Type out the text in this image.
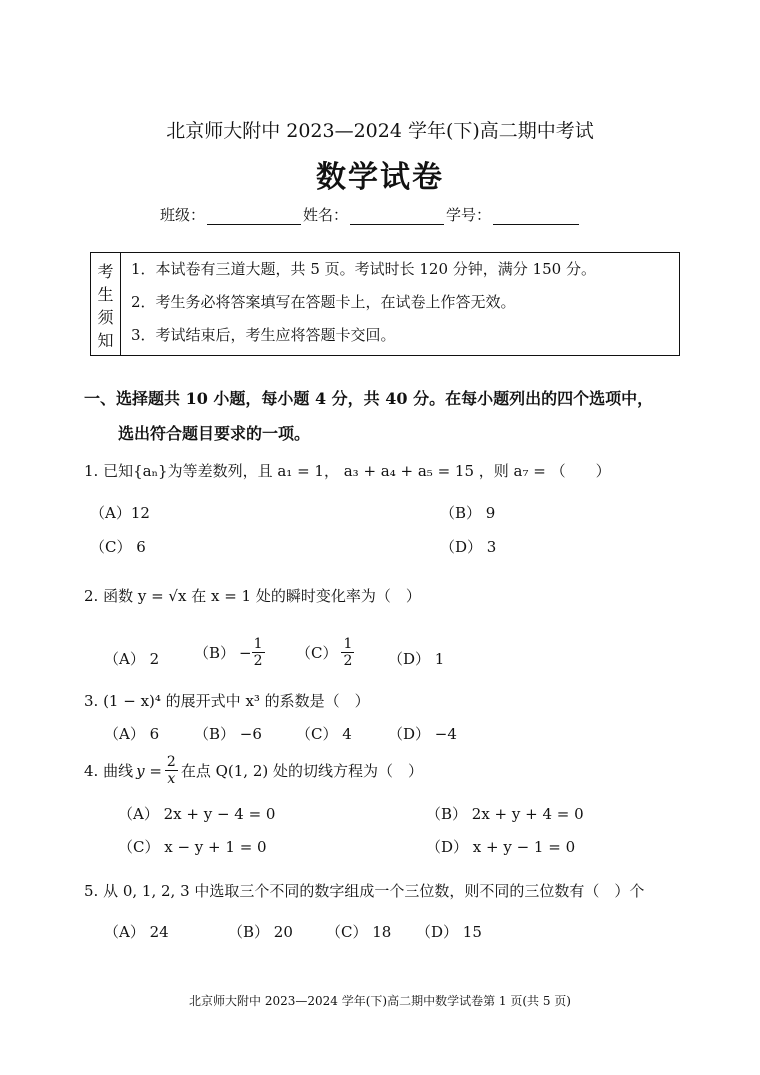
北京师大附中 2023—2024 学年(下)高二期中考试
数学试卷
班级：	姓名：	学号：
考生须知
1．本试卷有三道大题，共 5 页。考试时长 120 分钟，满分 150 分。
2．考生务必将答案填写在答题卡上，在试卷上作答无效。
3．考试结束后，考生应将答题卡交回。
一、选择题共 10 小题，每小题 4 分，共 40 分。在每小题列出的四个选项中，
选出符合题目要求的一项。
1. 已知{aₙ}为等差数列，且 a₁ = 1， a₃ + a₄ + a₅ = 15 ，则 a₇ = （　　）
（A）12	（B） 9
（C） 6	（D） 3
2. 函数 y = √x 在 x = 1 处的瞬时变化率为（　）
（A） 2 $(B) - \frac{1}{2} (C) \frac{1}{2} (D)$ 1
3. (1 − x)⁴ 的展开式中 x³ 的系数是（　）
（A） 6 （B） −6 （C） 4 （D） −4
4. 曲线 $y = \frac{2}{x}$ 在点 Q(1, 2) 处的切线方程为（　）
（A） 2x + y − 4 = 0	（B） 2x + y + 4 = 0
（C） x − y + 1 = 0	（D） x + y − 1 = 0
5. 从 0, 1, 2, 3 中选取三个不同的数字组成一个三位数，则不同的三位数有（　）个
（A） 24	（B） 20 （C） 18 （D） 15
北京师大附中 2023—2024 学年(下)高二期中数学试卷第 1 页(共 5 页)
